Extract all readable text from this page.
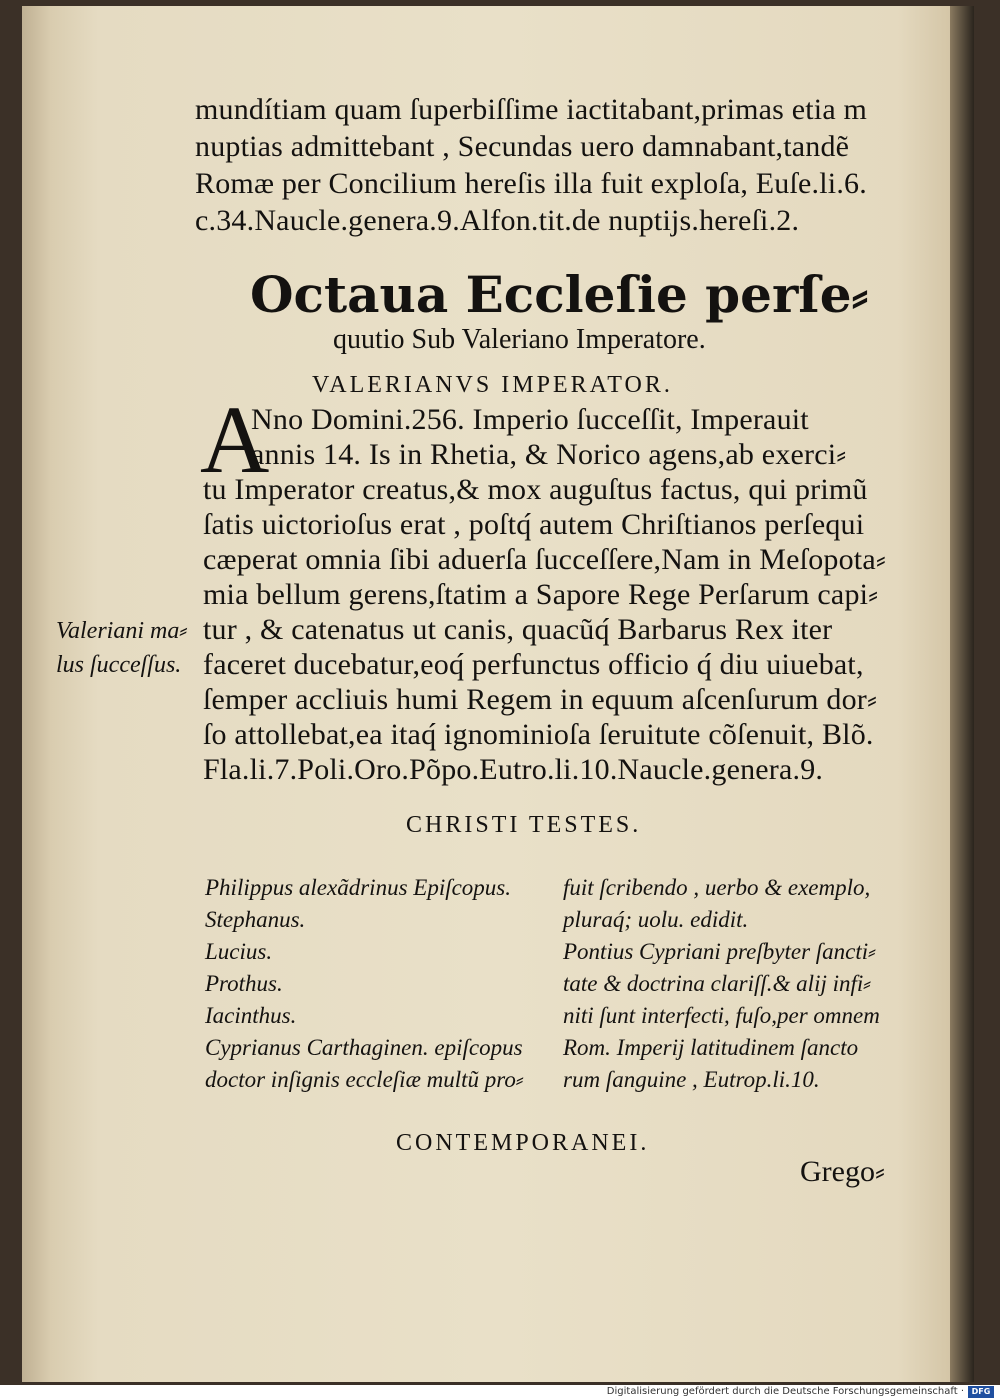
mundítiam quam ſuperbiſſime iactitabant,primas etia m
nuptias admittebant , Secundas uero damnabant,tandẽ
Romæ per Concilium hereſis illa fuit exploſa, Euſe.li.6.
c.34.Naucle.genera.9.Alfon.tit.de nuptijs.hereſi.2.
Octaua Eccleſie perſe⸗
quutio Sub Valeriano Imperatore.
VALERIANVS IMPERATOR.
A
Nno Domini.256. Imperio ſucceſſit, Imperauit
annis 14. Is in Rhetia, & Norico agens,ab exerci⸗
tu Imperator creatus,& mox auguſtus factus, qui primũ
ſatis uictorioſus erat , poſtq́ autem Chriſtianos perſequi
cæperat omnia ſibi aduerſa ſucceſſere,Nam in Meſopota⸗
mia bellum gerens,ſtatim a Sapore Rege Perſarum capi⸗
tur , & catenatus ut canis, quacũq́ Barbarus Rex iter
faceret ducebatur,eoq́ perfunctus officio q́ diu uiuebat,
ſemper accliuis humi Regem in equum aſcenſurum dor⸗
ſo attollebat,ea itaq́ ignominioſa ſeruitute cõſenuit, Blõ.
Fla.li.7.Poli.Oro.Põpo.Eutro.li.10.Naucle.genera.9.
Valeriani ma⸗
lus ſucceſſus.
CHRISTI TESTES.
Philippus alexãdrinus Epiſcopus.
Stephanus.
Lucius.
Prothus.
Iacinthus.
Cyprianus Carthaginen. epiſcopus
doctor inſignis eccleſiæ multũ pro⸗
fuit ſcribendo , uerbo & exemplo,
pluraq́; uolu. edidit.
Pontius Cypriani preſbyter ſancti⸗
tate & doctrina clariſſ.& alij infi⸗
niti ſunt interfecti, fuſo,per omnem
Rom. Imperij latitudinem ſancto
rum ſanguine , Eutrop.li.10.
CONTEMPORANEI.
Grego⸗
Digitalisierung gefördert durch die Deutsche Forschungsgemeinschaft · DFG
